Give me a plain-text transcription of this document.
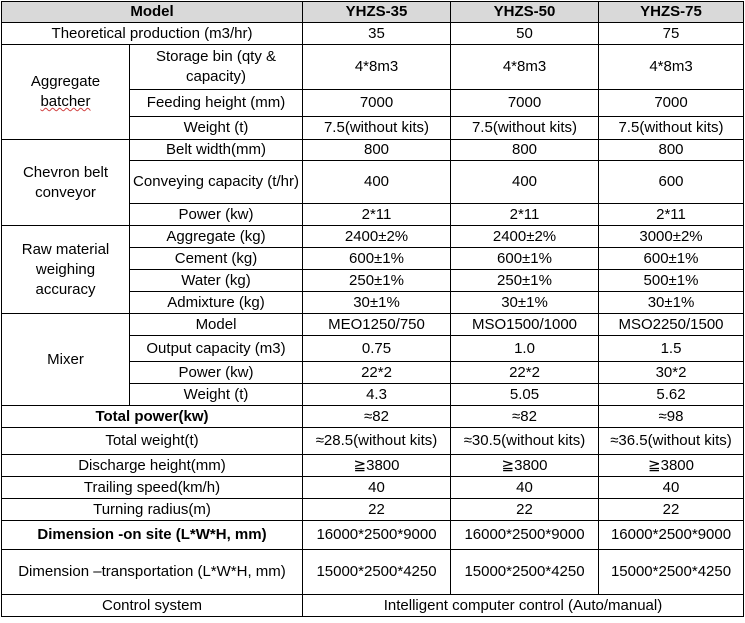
Model		YHZS-35	YHZS-50	YHZS-75
Theoretical production (m3/hr)		35	50	75
Aggregate
batcher	Storage bin (qty & capacity)	4*8m3	4*8m3	4*8m3
	Feeding height (mm)	7000	7000	7000
	Weight (t)	7.5(without kits)	7.5(without kits)	7.5(without kits)
Chevron belt conveyor	Belt width(mm)	800	800	800
	Conveying capacity (t/hr)	400	400	600
	Power (kw)	2*11	2*11	2*11
Raw material weighing accuracy	Aggregate (kg)	2400±2%	2400±2%	3000±2%
	Cement (kg)	600±1%	600±1%	600±1%
	Water (kg)	250±1%	250±1%	500±1%
	Admixture (kg)	30±1%	30±1%	30±1%
Mixer	Model	MEO1250/750	MSO1500/1000	MSO2250/1500
	Output capacity (m3)	0.75	1.0	1.5
	Power (kw)	22*2	22*2	30*2
	Weight (t)	4.3	5.05	5.62
Total power(kw)		≈82	≈82	≈98
Total weight(t)		≈28.5(without kits)	≈30.5(without kits)	≈36.5(without kits)
Discharge height(mm)		≧3800	≧3800	≧3800
Trailing speed(km/h)		40	40	40
Turning radius(m)		22	22	22
Dimension -on site (L*W*H, mm)		16000*2500*9000	16000*2500*9000	16000*2500*9000
Dimension –transportation (L*W*H, mm)		15000*2500*4250	15000*2500*4250	15000*2500*4250
Control system		Intelligent computer control (Auto/manual)		
